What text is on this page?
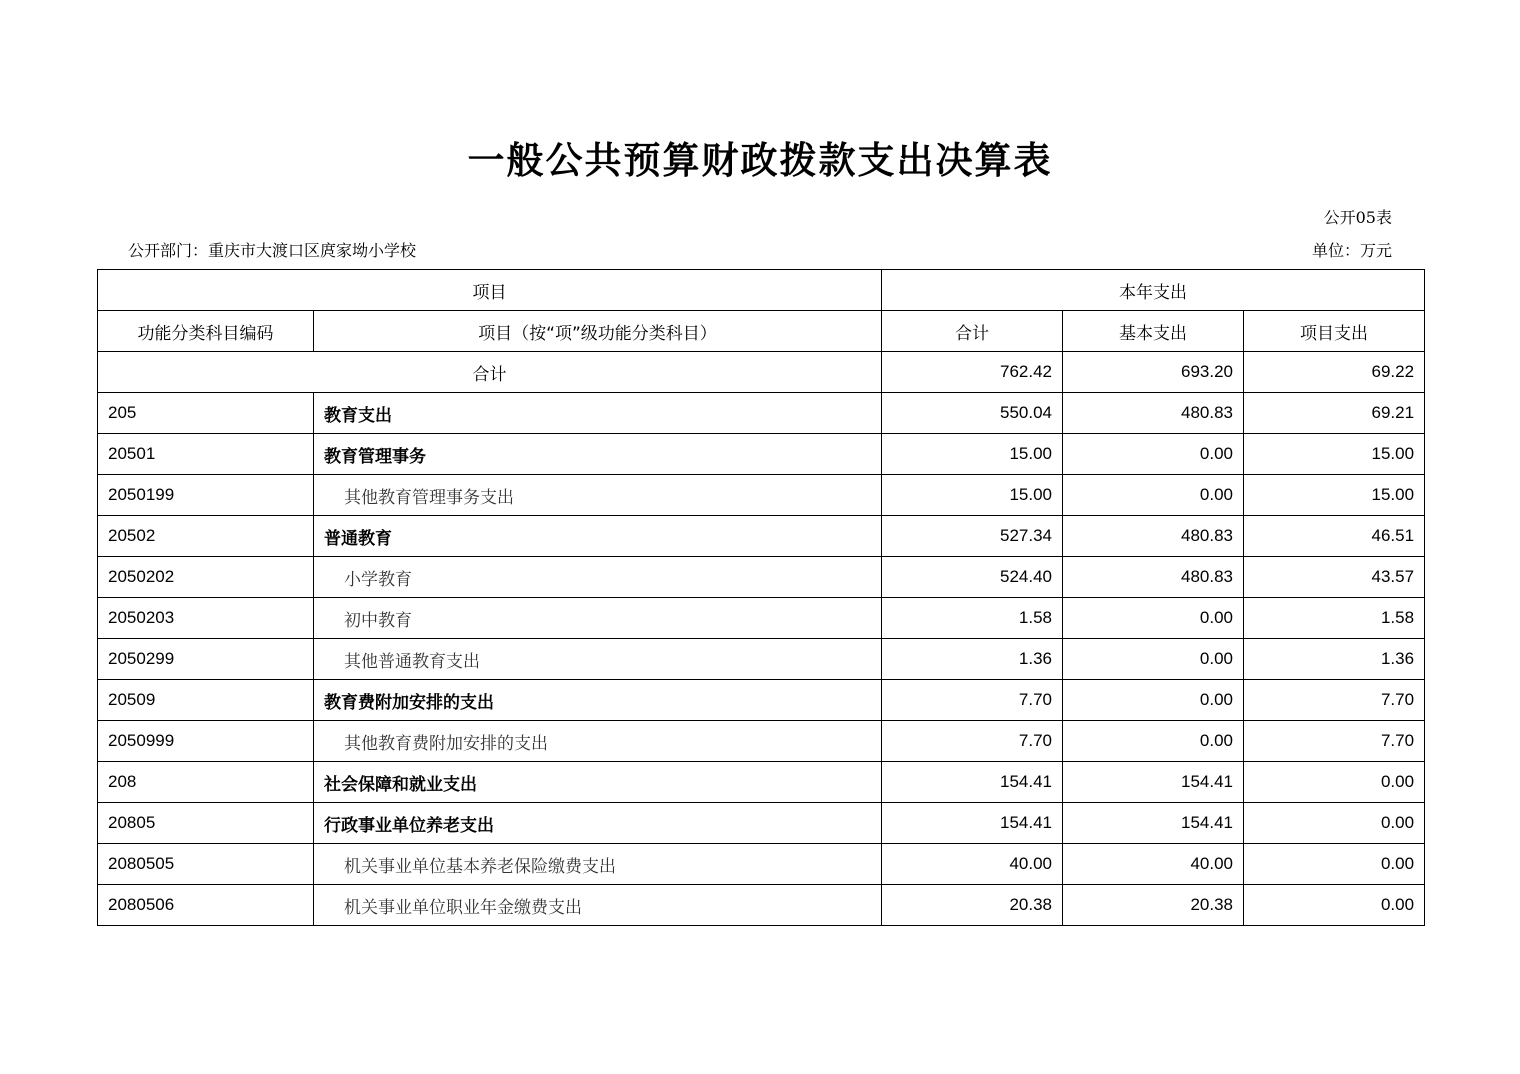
一般公共预算财政拨款支出决算表
公开05表
公开部门：重庆市大渡口区庹家坳小学校	单位：万元
项目		本年支出		
功能分类科目编码	项目（按“项”级功能分类科目）	合计	基本支出	项目支出
合计		762.42	693.20	69.22
205	教育支出	550.04	480.83	69.21
20501	教育管理事务	15.00	0.00	15.00
2050199	其他教育管理事务支出	15.00	0.00	15.00
20502	普通教育	527.34	480.83	46.51
2050202	小学教育	524.40	480.83	43.57
2050203	初中教育	1.58	0.00	1.58
2050299	其他普通教育支出	1.36	0.00	1.36
20509	教育费附加安排的支出	7.70	0.00	7.70
2050999	其他教育费附加安排的支出	7.70	0.00	7.70
208	社会保障和就业支出	154.41	154.41	0.00
20805	行政事业单位养老支出	154.41	154.41	0.00
2080505	机关事业单位基本养老保险缴费支出	40.00	40.00	0.00
2080506	机关事业单位职业年金缴费支出	20.38	20.38	0.00
